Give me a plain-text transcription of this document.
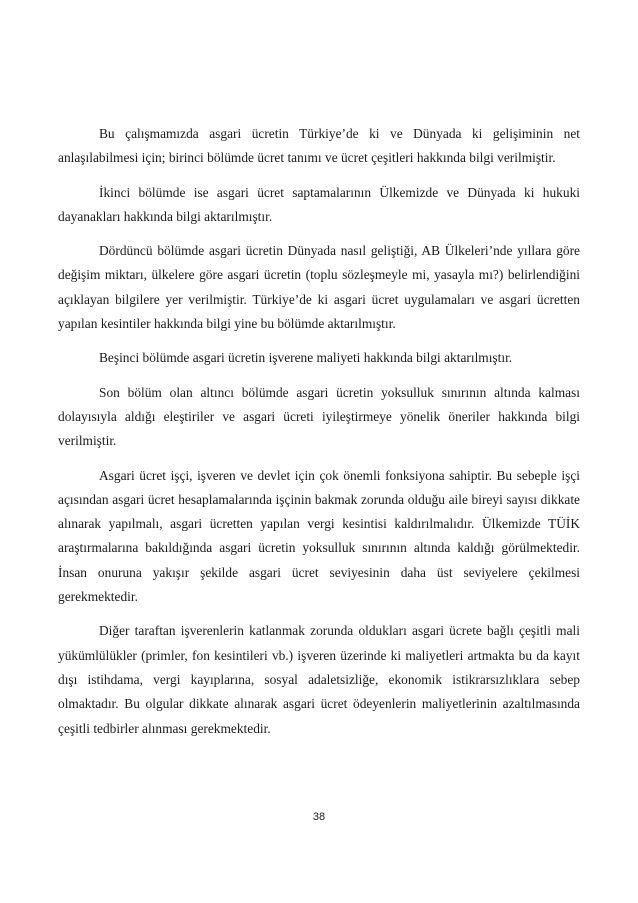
Bu çalışmamızda asgari ücretin Türkiye’de ki ve Dünyada ki gelişiminin net anlaşılabilmesi için; birinci bölümde ücret tanımı ve ücret çeşitleri hakkında bilgi verilmiştir.

İkinci bölümde ise asgari ücret saptamalarının Ülkemizde ve Dünyada ki hukuki dayanakları hakkında bilgi aktarılmıştır.

Dördüncü bölümde asgari ücretin Dünyada nasıl geliştiği, AB Ülkeleri’nde yıllara göre değişim miktarı, ülkelere göre asgari ücretin (toplu sözleşmeyle mi, yasayla mı?) belirlendiğini açıklayan bilgilere yer verilmiştir. Türkiye’de ki asgari ücret uygulamaları ve asgari ücretten yapılan kesintiler hakkında bilgi yine bu bölümde aktarılmıştır.

Beşinci bölümde asgari ücretin işverene maliyeti hakkında bilgi aktarılmıştır.

Son bölüm olan altıncı bölümde asgari ücretin yoksulluk sınırının altında kalması dolayısıyla aldığı eleştiriler ve asgari ücreti iyileştirmeye yönelik öneriler hakkında bilgi verilmiştir.

Asgari ücret işçi, işveren ve devlet için çok önemli fonksiyona sahiptir. Bu sebeple işçi açısından asgari ücret hesaplamalarında işçinin bakmak zorunda olduğu aile bireyi sayısı dikkate alınarak yapılmalı, asgari ücretten yapılan vergi kesintisi kaldırılmalıdır. Ülkemizde TÜİK araştırmalarına bakıldığında asgari ücretin yoksulluk sınırının altında kaldığı görülmektedir. İnsan onuruna yakışır şekilde asgari ücret seviyesinin daha üst seviyelere çekilmesi gerekmektedir.

Diğer taraftan işverenlerin katlanmak zorunda oldukları asgari ücrete bağlı çeşitli mali yükümlülükler (primler, fon kesintileri vb.) işveren üzerinde ki maliyetleri artmakta bu da kayıt dışı istihdama, vergi kayıplarına, sosyal adaletsizliğe, ekonomik istikrarsızlıklara sebep olmaktadır. Bu olgular dikkate alınarak asgari ücret ödeyenlerin maliyetlerinin azaltılmasında çeşitli tedbirler alınması gerekmektedir.

38
